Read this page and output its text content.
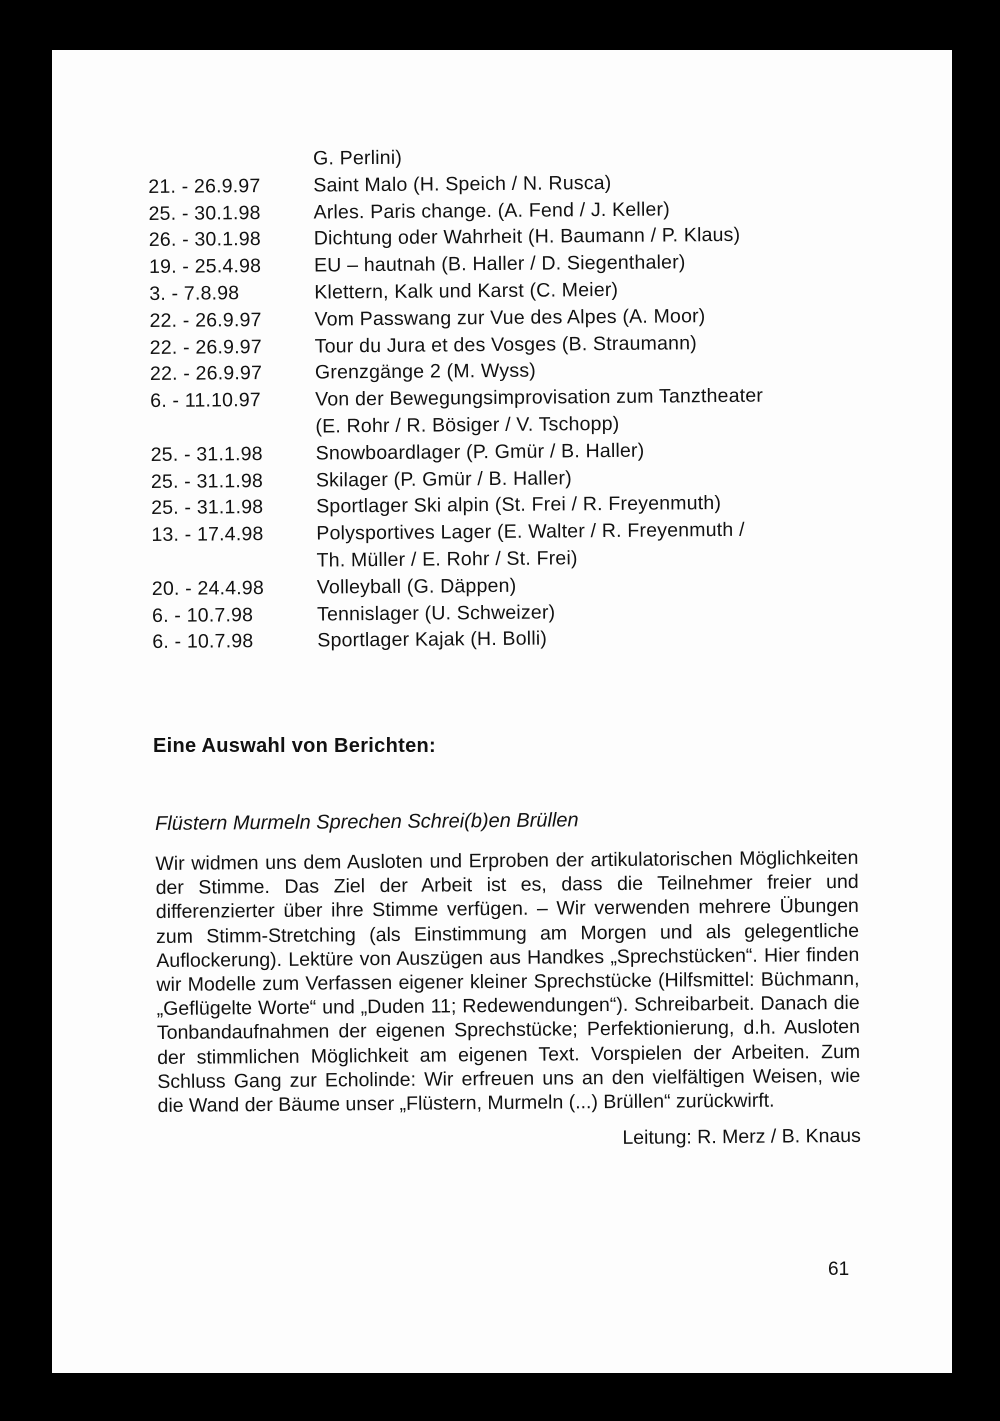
G. Perlini)
21. - 26.9.97	Saint Malo (H. Speich / N. Rusca)
25. - 30.1.98	Arles. Paris change. (A. Fend / J. Keller)
26. - 30.1.98	Dichtung oder Wahrheit (H. Baumann / P. Klaus)
19. - 25.4.98	EU – hautnah (B. Haller / D. Siegenthaler)
3. - 7.8.98	Klettern, Kalk und Karst (C. Meier)
22. - 26.9.97	Vom Passwang zur Vue des Alpes (A. Moor)
22. - 26.9.97	Tour du Jura et des Vosges (B. Straumann)
22. - 26.9.97	Grenzgänge 2 (M. Wyss)
6. - 11.10.97	Von der Bewegungsimprovisation zum Tanztheater
(E. Rohr / R. Bösiger / V. Tschopp)
25. - 31.1.98	Snowboardlager (P. Gmür / B. Haller)
25. - 31.1.98	Skilager (P. Gmür / B. Haller)
25. - 31.1.98	Sportlager Ski alpin (St. Frei / R. Freyenmuth)
13. - 17.4.98	Polysportives Lager (E. Walter / R. Freyenmuth /
Th. Müller / E. Rohr / St. Frei)
20. - 24.4.98	Volleyball (G. Däppen)
6. - 10.7.98	Tennislager (U. Schweizer)
6. - 10.7.98	Sportlager Kajak (H. Bolli)
Eine Auswahl von Berichten:
Flüstern Murmeln Sprechen Schrei(b)en Brüllen

Wir widmen uns dem Ausloten und Erproben der artikulatorischen Möglichkeiten der Stimme. Das Ziel der Arbeit ist es, dass die Teilnehmer freier und differenzierter über ihre Stimme verfügen. – Wir verwenden mehrere Übungen zum Stimm-Stretching (als Einstimmung am Morgen und als gelegentliche Auflockerung). Lektüre von Auszügen aus Handkes „Sprechstücken“. Hier finden wir Modelle zum Verfassen eigener kleiner Sprechstücke (Hilfsmittel: Büchmann, „Geflügelte Worte“ und „Duden 11; Redewendungen“). Schreibarbeit. Danach die Tonbandaufnahmen der eigenen Sprechstücke; Perfektionierung, d.h. Ausloten der stimmlichen Möglichkeit am eigenen Text. Vorspielen der Arbeiten. Zum Schluss Gang zur Echolinde: Wir erfreuen uns an den vielfältigen Weisen, wie die Wand der Bäume unser „Flüstern, Murmeln (...) Brüllen“ zurückwirft.

Leitung: R. Merz / B. Knaus
61
